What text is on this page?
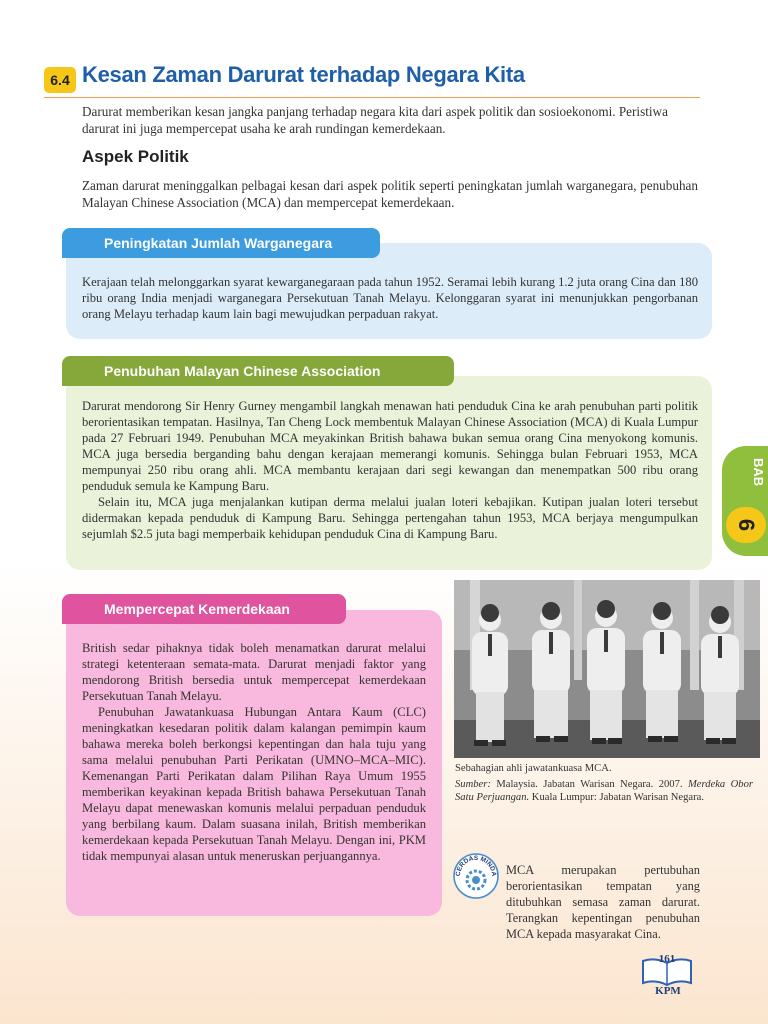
6.4 Kesan Zaman Darurat terhadap Negara Kita

Darurat memberikan kesan jangka panjang terhadap negara kita dari aspek politik dan sosioekonomi. Peristiwa darurat ini juga mempercepat usaha ke arah rundingan kemerdekaan.

Aspek Politik

Zaman darurat meninggalkan pelbagai kesan dari aspek politik seperti peningkatan jumlah warganegara, penubuhan Malayan Chinese Association (MCA) dan mempercepat kemerdekaan.

Peningkatan Jumlah Warganegara

Kerajaan telah melonggarkan syarat kewarganegaraan pada tahun 1952. Seramai lebih kurang 1.2 juta orang Cina dan 180 ribu orang India menjadi warganegara Persekutuan Tanah Melayu. Kelonggaran syarat ini menunjukkan pengorbanan orang Melayu terhadap kaum lain bagi mewujudkan perpaduan rakyat.

Penubuhan Malayan Chinese Association

Darurat mendorong Sir Henry Gurney mengambil langkah menawan hati penduduk Cina ke arah penubuhan parti politik berorientasikan tempatan. Hasilnya, Tan Cheng Lock membentuk Malayan Chinese Association (MCA) di Kuala Lumpur pada 27 Februari 1949. Penubuhan MCA meyakinkan British bahawa bukan semua orang Cina menyokong komunis. MCA juga bersedia berganding bahu dengan kerajaan memerangi komunis. Sehingga bulan Februari 1953, MCA mempunyai 250 ribu orang ahli. MCA membantu kerajaan dari segi kewangan dan menempatkan 500 ribu orang penduduk semula ke Kampung Baru.

Selain itu, MCA juga menjalankan kutipan derma melalui jualan loteri kebajikan. Kutipan jualan loteri tersebut didermakan kepada penduduk di Kampung Baru. Sehingga pertengahan tahun 1953, MCA berjaya mengumpulkan sejumlah $2.5 juta bagi memperbaik kehidupan penduduk Cina di Kampung Baru.

Mempercepat Kemerdekaan

British sedar pihaknya tidak boleh menamatkan darurat melalui strategi ketenteraan semata-mata. Darurat menjadi faktor yang mendorong British bersedia untuk mempercepat kemerdekaan Persekutuan Tanah Melayu.

Penubuhan Jawatankuasa Hubungan Antara Kaum (CLC) meningkatkan kesedaran politik dalam kalangan pemimpin kaum bahawa mereka boleh berkongsi kepentingan dan hala tuju yang sama melalui penubuhan Parti Perikatan (UMNO–MCA–MIC). Kemenangan Parti Perikatan dalam Pilihan Raya Umum 1955 memberikan keyakinan kepada British bahawa Persekutuan Tanah Melayu dapat menewaskan komunis melalui perpaduan penduduk yang berbilang kaum. Dalam suasana inilah, British memberikan kemerdekaan kepada Persekutuan Tanah Melayu. Dengan ini, PKM tidak mempunyai alasan untuk meneruskan perjuangannya.

BAB
6
Sebahagian ahli jawatankuasa MCA.

Sumber: Malaysia. Jabatan Warisan Negara. 2007. Merdeka Obor Satu Perjuangan. Kuala Lumpur: Jabatan Warisan Negara.

CERDAS MINDA MCA merupakan pertubuhan berorientasikan tempatan yang ditubuhkan semasa zaman darurat. Terangkan kepentingan penubuhan MCA kepada masyarakat Cina.

161
KPM
